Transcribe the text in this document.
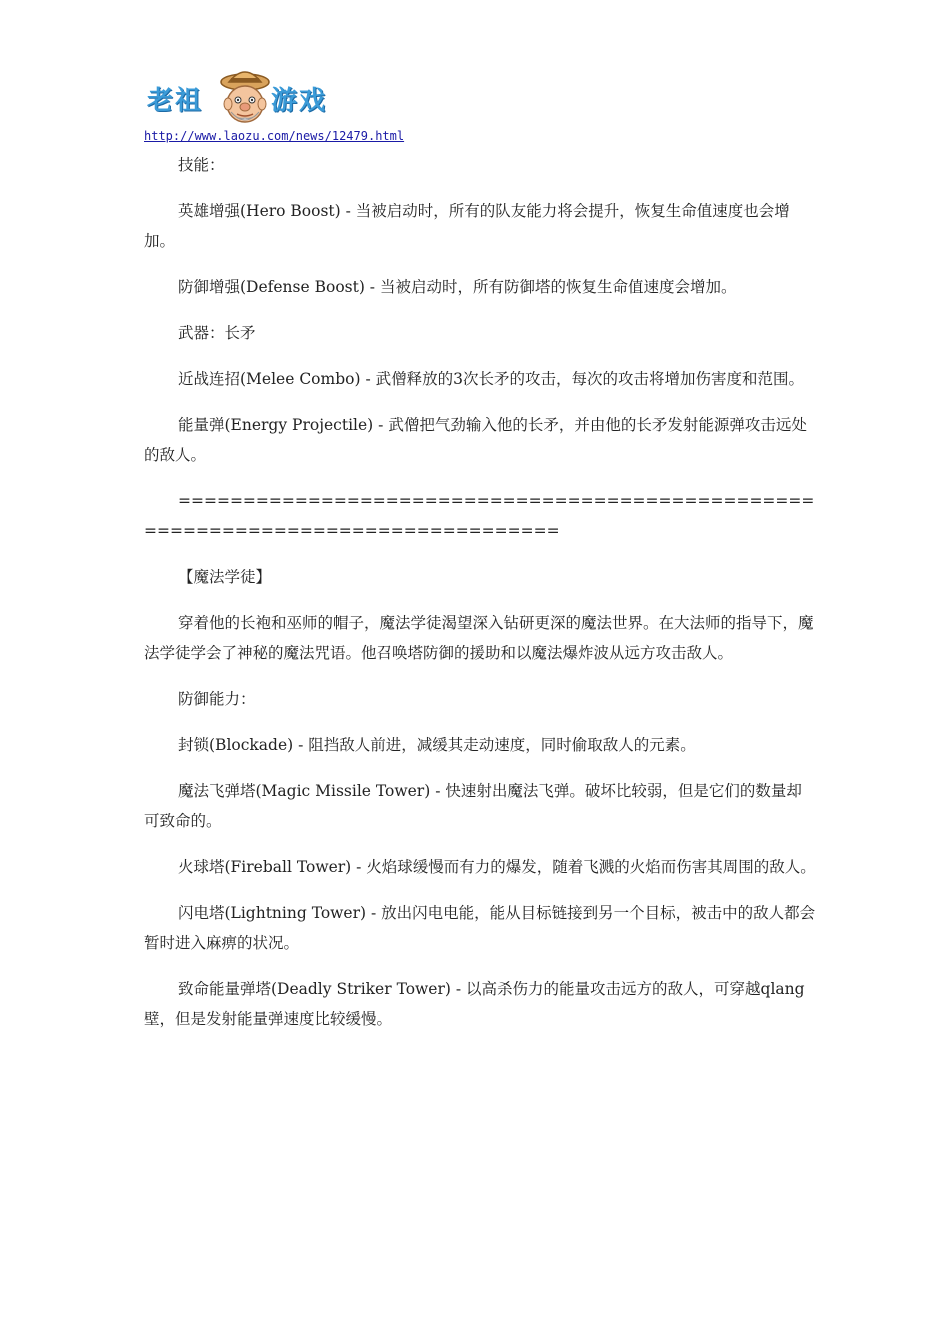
老祖	游戏
http://www.laozu.com/news/12479.html

技能：

英雄增强(Hero Boost) - 当被启动时，所有的队友能力将会提升，恢复生命值速度也会增加。

防御增强(Defense Boost) - 当被启动时，所有防御塔的恢复生命值速度会增加。

武器：长矛

近战连招(Melee Combo) - 武僧释放的3次长矛的攻击，每次的攻击将增加伤害度和范围。

能量弹(Energy Projectile) - 武僧把气劲输入他的长矛，并由他的长矛发射能源弹攻击远处的敌人。

=================================================================================

【魔法学徒】

穿着他的长袍和巫师的帽子，魔法学徒渴望深入钻研更深的魔法世界。在大法师的指导下，魔法学徒学会了神秘的魔法咒语。他召唤塔防御的援助和以魔法爆炸波从远方攻击敌人。

防御能力：

封锁(Blockade) - 阻挡敌人前进，减缓其走动速度，同时偷取敌人的元素。

魔法飞弹塔(Magic Missile Tower) - 快速射出魔法飞弹。破坏比较弱，但是它们的数量却可致命的。

火球塔(Fireball Tower) - 火焰球缓慢而有力的爆发，随着飞溅的火焰而伤害其周围的敌人。

闪电塔(Lightning Tower) - 放出闪电电能，能从目标链接到另一个目标，被击中的敌人都会暂时进入麻痹的状况。

致命能量弹塔(Deadly Striker Tower) - 以高杀伤力的能量攻击远方的敌人，可穿越qlang壁，但是发射能量弹速度比较缓慢。
